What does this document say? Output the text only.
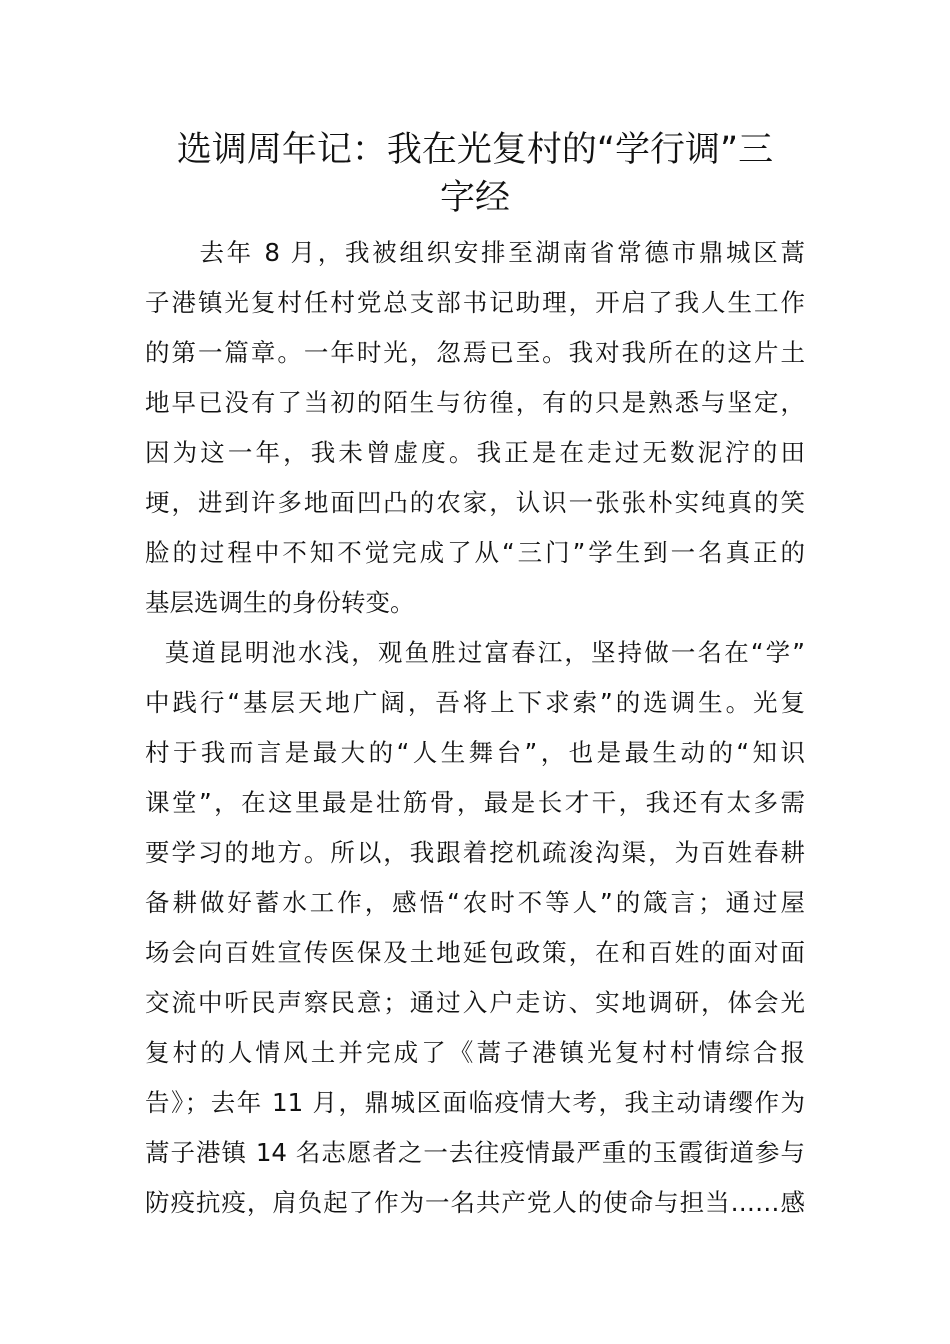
选调周年记：我在光复村的“学行调”三
字经
　　去年 8 月，我被组织安排至湖南省常德市鼎城区蒿
子港镇光复村任村党总支部书记助理，开启了我人生工作
的第一篇章。一年时光，忽焉已至。我对我所在的这片土
地早已没有了当初的陌生与彷徨，有的只是熟悉与坚定，
因为这一年，我未曾虚度。我正是在走过无数泥泞的田
埂，进到许多地面凹凸的农家，认识一张张朴实纯真的笑
脸的过程中不知不觉完成了从“三门”学生到一名真正的
基层选调生的身份转变。
莫道昆明池水浅，观鱼胜过富春江，坚持做一名在“学”
中践行“基层天地广阔，吾将上下求索”的选调生。光复
村于我而言是最大的“人生舞台”，也是最生动的“知识
课堂”，在这里最是壮筋骨，最是长才干，我还有太多需
要学习的地方。所以，我跟着挖机疏浚沟渠，为百姓春耕
备耕做好蓄水工作，感悟“农时不等人”的箴言；通过屋
场会向百姓宣传医保及土地延包政策，在和百姓的面对面
交流中听民声察民意；通过入户走访、实地调研，体会光
复村的人情风土并完成了《蒿子港镇光复村村情综合报
告》；去年 11 月，鼎城区面临疫情大考，我主动请缨作为
蒿子港镇 14 名志愿者之一去往疫情最严重的玉霞街道参与
防疫抗疫，肩负起了作为一名共产党人的使命与担当……感
